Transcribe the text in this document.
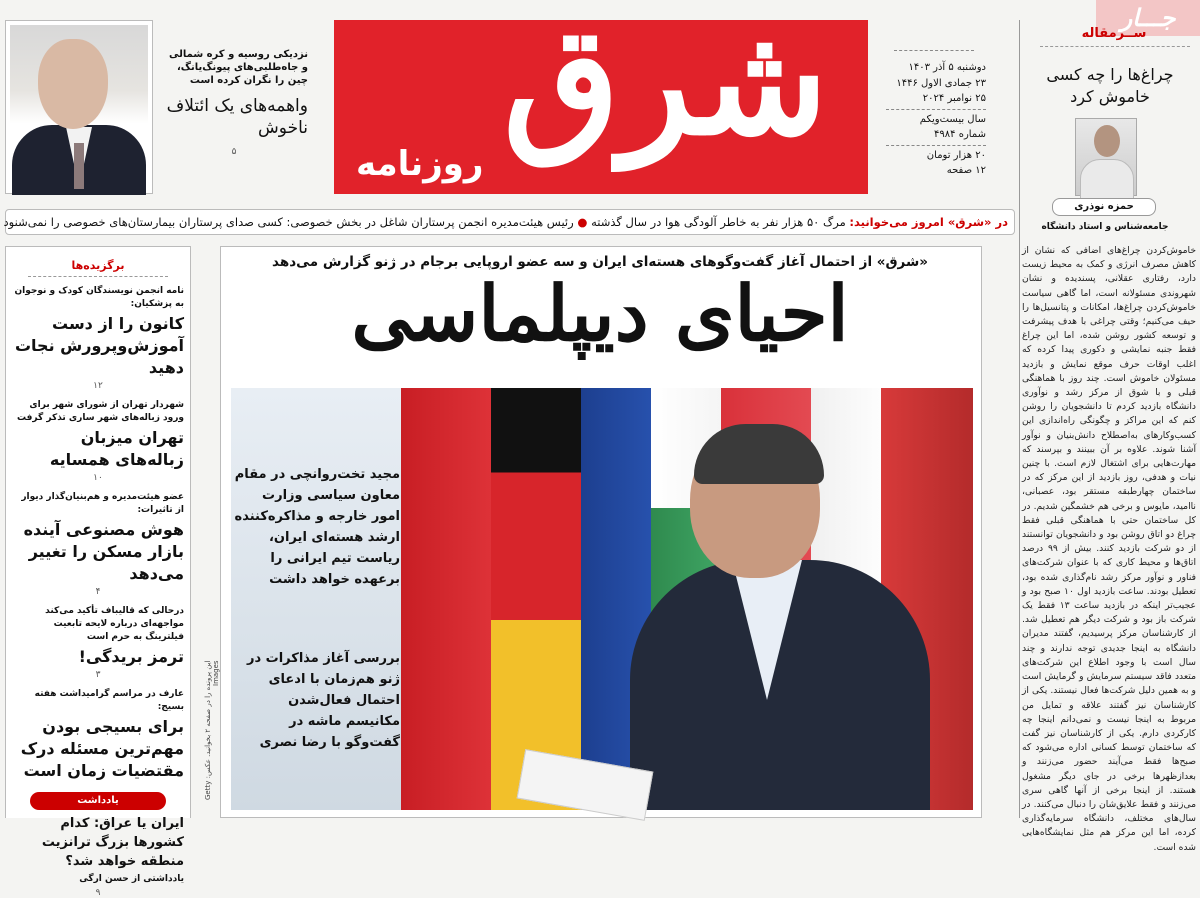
شرق
روزنامه
دوشنبه ۵ آذر ۱۴۰۳
۲۳ جمادی الاول ۱۴۴۶
۲۵ نوامبر ۲۰۲۴
سال بیست‌ویکم
شماره ۴۹۸۴
۲۰ هزار تومان
۱۲ صفحه
نزدیکی روسیه و کره شمالی و جاه‌طلبی‌های پیونگ‌یانگ، چین را نگران کرده است
واهمه‌های یک ائتلاف ناخوش
۵
جـــار
ســرمقاله
چراغ‌ها را چه کسی خاموش کرد
حمزه نوذری
جامعه‌شناس و استاد دانشگاه
خاموش‌کردن چراغ‌های اضافی که نشان از کاهش مصرف انرژی و کمک به محیط زیست دارد، رفتاری عقلانی، پسندیده و نشان شهروندی مسئولانه است، اما گاهی سیاست خاموش‌کردن چراغ‌ها، امکانات و پتانسیل‌ها را حیف می‌کنیم؛ وقتی چراغی با هدف پیشرفت و توسعه کشور روشن شده، اما این چراغ فقط جنبه نمایشی و دکوری پیدا کرده که اغلب اوقات حرف موقع نمایش و بازدید مسئولان خاموش است. چند روز با هماهنگی قبلی و با شوق از مرکز رشد و نوآوری دانشگاه بازدید کردم تا دانشجویان را روشن کنم که این مراکز و چگونگی راه‌اندازی این کسب‌وکارهای به‌اصطلاح دانش‌بنیان و نوآور آشنا شوند. علاوه بر آن ببینند و بپرسند که مهارت‌هایی برای اشتغال لازم است. با چنین نیات و هدفی، روز بازدید از این مرکز که در ساختمان چهارطبقه مستقر بود، عصبانی، ناامید، مایوس و برخی هم خشمگین شدیم. در کل ساختمان حتی با هماهنگی قبلی فقط چراغ دو اتاق روشن بود و دانشجویان توانستند از دو شرکت بازدید کنند. بیش از ۹۹ درصد اتاق‌ها و محیط کاری که با عنوان شرکت‌های فناور و نوآور مرکز رشد نام‌گذاری شده بود، تعطیل بودند. ساعت بازدید اول ۱۰ صبح بود و عجیب‌تر اینکه در بازدید ساعت ۱۳ فقط یک شرکت باز بود و شرکت دیگر هم تعطیل شد. از کارشناسان مرکز پرسیدیم، گفتند مدیران دانشگاه به اینجا جدیدی توجه ندارند و چند سال است با وجود اطلاع این شرکت‌های متعدد فاقد سیستم سرمایش و گرمایش است و به همین دلیل شرکت‌ها فعال نیستند. یکی از کارشناسان نیز گفتند علاقه و تمایل من مربوط به اینجا نیست و نمی‌دانم اینجا چه کارکردی دارم. یکی از کارشناسان نیز گفت که ساختمان توسط کسانی اداره می‌شود که صبح‌ها فقط می‌آیند حضور می‌زنند و بعدازظهرها برخی در جای دیگر مشغول هستند. از اینجا برخی از آنها گاهی سری می‌زنند و فقط علایق‌شان را دنبال می‌کنند. در سال‌های مختلف، دانشگاه سرمایه‌گذاری کرده، اما این مرکز هم مثل نمایشگاه‌هایی شده است.
در «شرق» امروز می‌خوانید: مرگ ۵۰ هزار نفر به خاطر آلودگی هوا در سال گذشته ● رئیس هیئت‌مدیره انجمن پرستاران شاغل در بخش خصوصی: کسی صدای پرستاران بیمارستان‌های خصوصی را نمی‌شنود
برگزیده‌ها
نامه انجمن نویسندگان کودک و نوجوان به پزشکیان:
کانون را از دست آموزش‌وپرورش نجات دهید
۱۲
شهردار تهران از شورای شهر برای ورود زباله‌های شهر ساری تذکر گرفت
تهران میزبان زباله‌های همسایه
۱۰
عضو هیئت‌مدیره و هم‌بنیان‌گذار دیوار از تاثیرات:
هوش مصنوعی آینده بازار مسکن را تغییر می‌دهد
۴
درحالی که قالیباف تأکید می‌کند مواجهه‌ای درباره لایحه تابعیت فیلترینگ به حرم است
ترمز بریدگی!
۳
عارف در مراسم گرامیداشت هفته بسیج:
برای بسیجی بودن مهم‌ترین مسئله درک مقتضیات زمان است
یادداشت
ایران یا عراق: کدام کشورها بزرگ ترانزیت منطقه خواهد شد؟
یادداشتی از حسن ارگی
۹
«شرق» از احتمال آغاز گفت‌وگوهای هسته‌ای ایران و سه عضو اروپایی برجام در ژنو گزارش می‌دهد
احیای دیپلماسی
مجید تخت‌روانچی در مقام معاون سیاسی وزارت امور خارجه و مذاکره‌کننده ارشد هسته‌ای ایران، ریاست تیم ایرانی را برعهده خواهد داشت
بررسی آغاز مذاکرات در ژنو هم‌زمان با ادعای احتمال فعال‌شدن مکانیسم ماشه در گفت‌وگو با رضا نصری
این پرونده را در صفحه ۲ بخوانید. عکس: Getty Images
